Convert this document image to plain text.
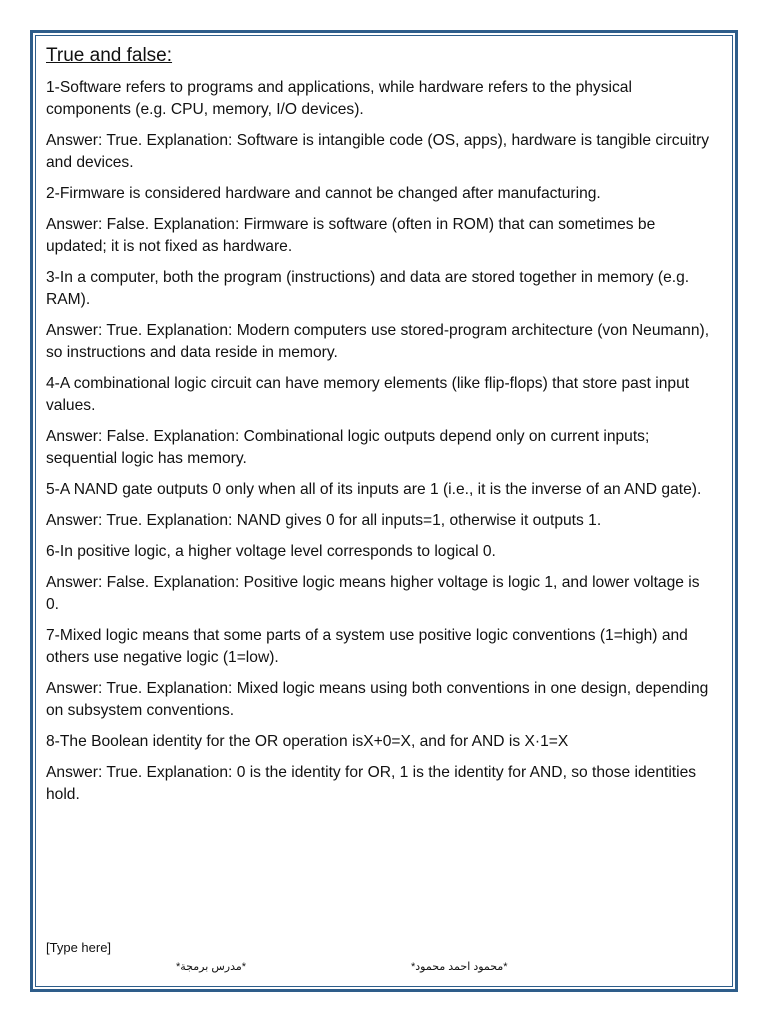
True and false:

1-Software refers to programs and applications, while hardware refers to the physical components (e.g. CPU, memory, I/O devices).

Answer: True. Explanation: Software is intangible code (OS, apps), hardware is tangible circuitry and devices.

2-Firmware is considered hardware and cannot be changed after manufacturing.

Answer: False. Explanation: Firmware is software (often in ROM) that can sometimes be updated; it is not fixed as hardware.

3-In a computer, both the program (instructions) and data are stored together in memory (e.g. RAM).

Answer: True. Explanation: Modern computers use stored-program architecture (von Neumann), so instructions and data reside in memory.

4-A combinational logic circuit can have memory elements (like flip-flops) that store past input values.

Answer: False. Explanation: Combinational logic outputs depend only on current inputs; sequential logic has memory.

5-A NAND gate outputs 0 only when all of its inputs are 1 (i.e., it is the inverse of an AND gate).

Answer: True. Explanation: NAND gives 0 for all inputs=1, otherwise it outputs 1.

6-In positive logic, a higher voltage level corresponds to logical 0.

Answer: False. Explanation: Positive logic means higher voltage is logic 1, and lower voltage is 0.

7-Mixed logic means that some parts of a system use positive logic conventions (1=high) and others use negative logic (1=low).

Answer: True. Explanation: Mixed logic means using both conventions in one design, depending on subsystem conventions.

8-The Boolean identity for the OR operation isX+0=X, and for AND is X·1=X

Answer: True. Explanation: 0 is the identity for OR, 1 is the identity for AND, so those identities hold.

[Type here]
*مدرس برمجة*	*محمود احمد محمود*
